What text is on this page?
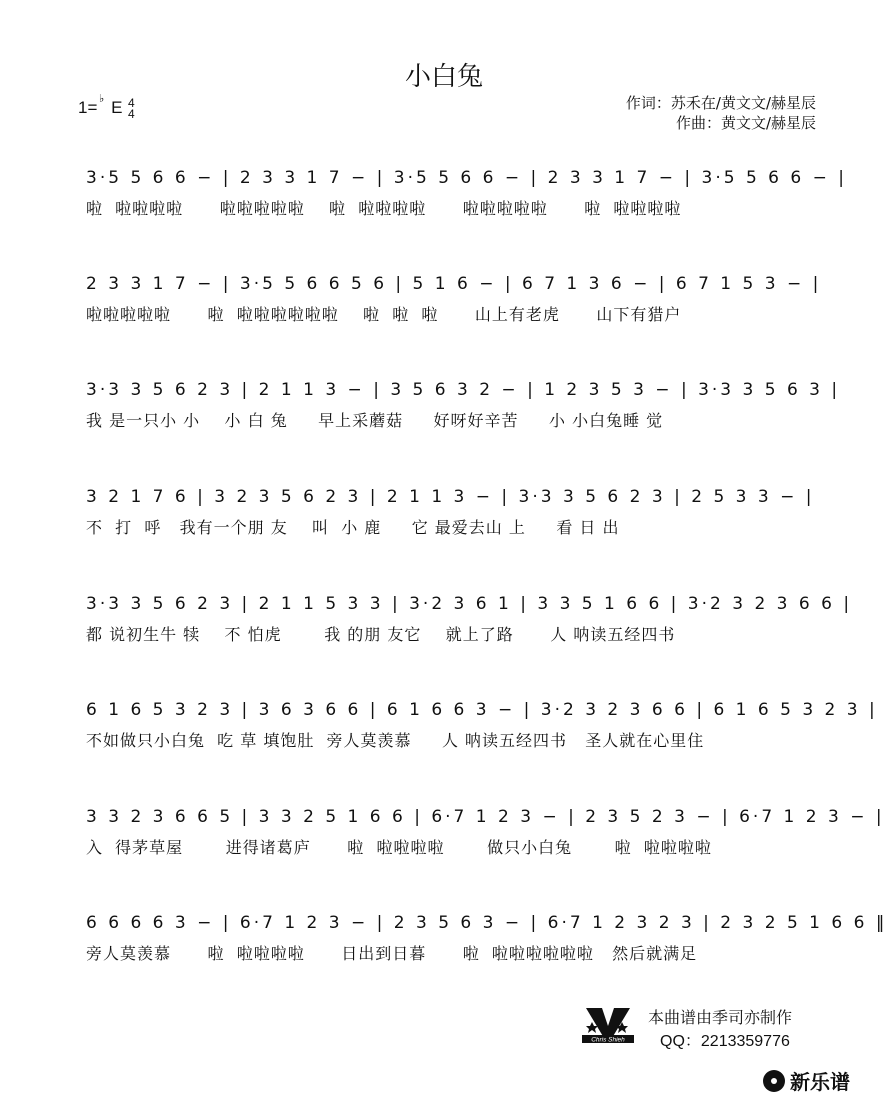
小白兔
1= ♭ E 4
4
作词：苏禾在/黄文文/赫星辰
作曲：黄文文/赫星辰
3·5 5 6 6 − | 2 3 3 1 7 − | 3·5 5 6 6 − | 2 3 3 1 7 − | 3·5 5 6 6 − |
啦  啦啦啦啦      啦啦啦啦啦    啦  啦啦啦啦      啦啦啦啦啦      啦  啦啦啦啦
2 3 3 1 7 − | 3·5 5 6 6 5 6 | 5 1 6 − | 6 7 1 3 6 − | 6 7 1 5 3 − |
啦啦啦啦啦      啦  啦啦啦啦啦啦    啦  啦  啦      山上有老虎      山下有猎户
3·3 3 5 6 2 3 | 2 1 1 3 − | 3 5 6 3 2 − | 1 2 3 5 3 − | 3·3 3 5 6 3 |
我 是一只小 小    小 白 兔     早上采蘑菇     好呀好辛苦     小 小白兔睡 觉
3 2 1 7 6 | 3 2 3 5 6 2 3 | 2 1 1 3 − | 3·3 3 5 6 2 3 | 2 5 3 3 − |
不  打  呼   我有一个朋 友    叫  小 鹿     它 最爱去山 上     看 日 出
3·3 3 5 6 2 3 | 2 1 1 5 3 3 | 3·2 3 6 1 | 3 3 5 1 6 6 | 3·2 3 2 3 6 6 |
都 说初生牛 犊    不 怕虎       我 的朋 友它    就上了路      人 呐读五经四书
6 1 6 5 3 2 3 | 3 6 3 6 6 | 6 1 6 6 3 − | 3·2 3 2 3 6 6 | 6 1 6 5 3 2 3 |
不如做只小白兔  吃 草 填饱肚  旁人莫羡慕     人 呐读五经四书   圣人就在心里住
3 3 2 3 6 6 5 | 3 3 2 5 1 6 6 | 6·7 1 2 3 − | 2 3 5 2 3 − | 6·7 1 2 3 − |
入  得茅草屋       进得诸葛庐      啦  啦啦啦啦       做只小白兔       啦  啦啦啦啦
6 6 6 6 3 − | 6·7 1 2 3 − | 2 3 5 6 3 − | 6·7 1 2 3 2 3 | 2 3 2 5 1 6 6 ‖
旁人莫羡慕      啦  啦啦啦啦      日出到日暮      啦  啦啦啦啦啦啦   然后就满足
Chris Shieh
本曲谱由季司亦制作
QQ：2213359776
新乐谱
